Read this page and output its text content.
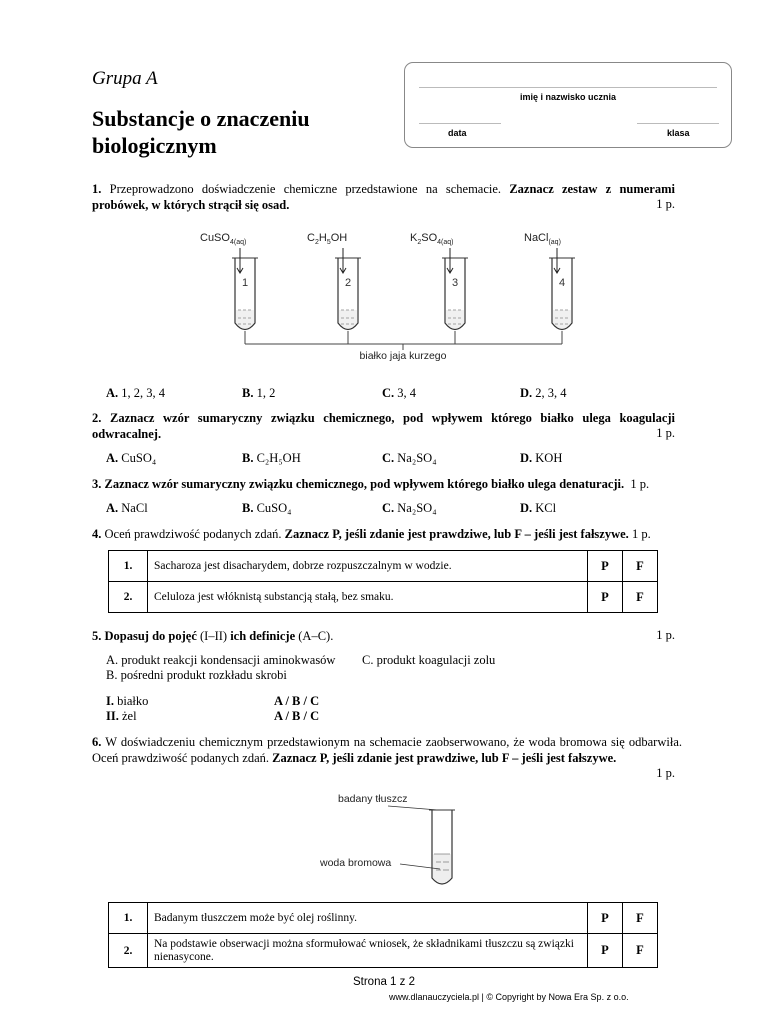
Grupa A
Substancje o znaczeniu biologicznym
imię i nazwisko ucznia
data	klasa
1. Przeprowadzono doświadczenie chemiczne przedstawione na schemacie. Zaznacz zestaw z numerami probówek, w których strącił się osad.	1 p.
CuSO$_{4(aq)}$	$C_2H_5OH$	$K_2SO_{4(aq)}$	NaCl$_{(aq)}$
1	2	3	4
białko jaja kurzego
A. 1, 2, 3, 4	B. 1, 2	C. 3, 4	D. 2, 3, 4
2. Zaznacz wzór sumaryczny związku chemicznego, pod wpływem którego białko ulega koagulacji odwracalnej.	1 p.
A. CuSO₄	B. C₂H₅OH	C. Na₂SO₄	D. KOH
3. Zaznacz wzór sumaryczny związku chemicznego, pod wpływem którego białko ulega denaturacji. 1 p.
A. NaCl	B. CuSO₄	C. Na₂SO₄	D. KCl
4. Oceń prawdziwość podanych zdań. Zaznacz P, jeśli zdanie jest prawdziwe, lub F – jeśli jest fałszywe. 1 p.
1.	Sacharoza jest disacharydem, dobrze rozpuszczalnym w wodzie.	P	F
2.	Celuloza jest włóknistą substancją stałą, bez smaku.	P	F
5. Dopasuj do pojęć (I–II) ich definicje (A–C).	1 p.
A. produkt reakcji kondensacji aminokwasów C. produkt koagulacji zolu
B. pośredni produkt rozkładu skrobi
I. białko	A / B / C
II. żel	A / B / C
6. W doświadczeniu chemicznym przedstawionym na schemacie zaobserwowano, że woda bromowa się odbarwiła. Oceń prawdziwość podanych zdań. Zaznacz P, jeśli zdanie jest prawdziwe, lub F – jeśli jest fałszywe.
1 p.
badany tłuszcz
woda bromowa
1.	Badanym tłuszczem może być olej roślinny.	P	F
2.	Na podstawie obserwacji można sformułować wniosek, że składnikami tłuszczu są związki nienasycone.	P	F
Strona 1 z 2
www.dlanauczyciela.pl | © Copyright by Nowa Era Sp. z o.o.
